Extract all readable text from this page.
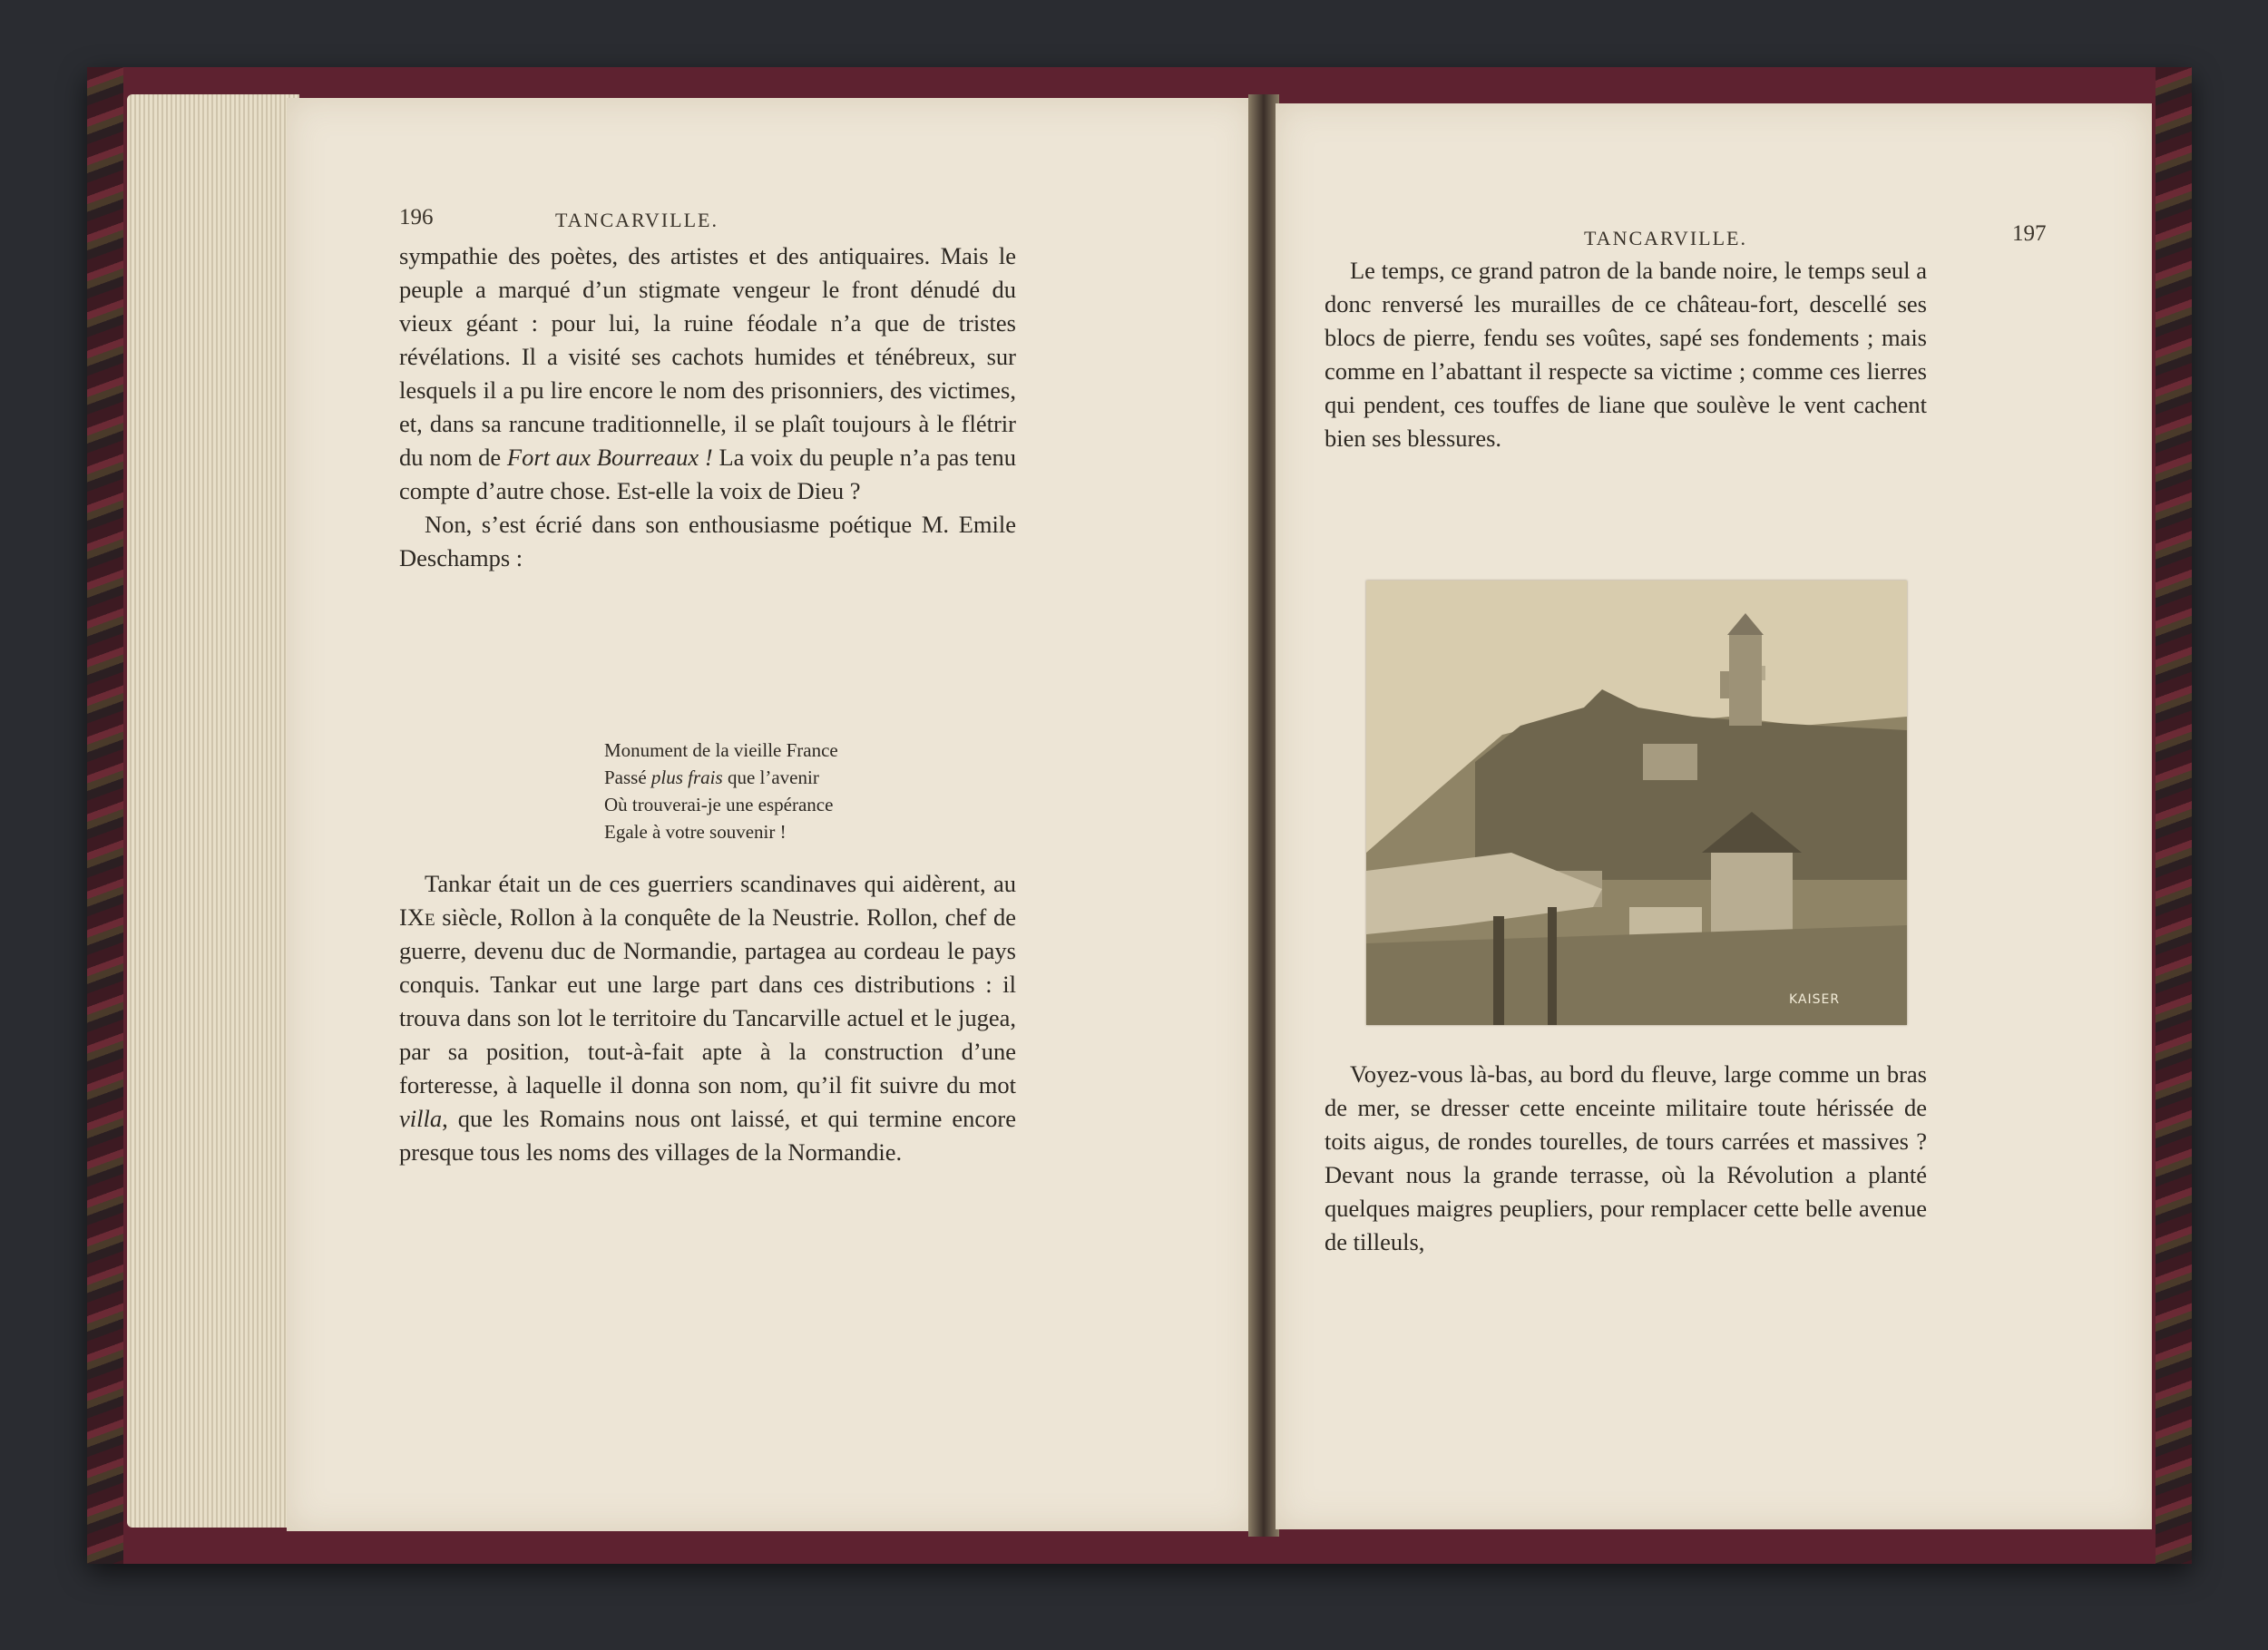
196	TANCARVILLE.

sympathie des poètes, des artistes et des antiquaires. Mais le peuple a marqué d’un stigmate vengeur le front dénudé du vieux géant : pour lui, la ruine féodale n’a que de tristes révélations. Il a visité ses cachots humides et ténébreux, sur lesquels il a pu lire encore le nom des prisonniers, des victimes, et, dans sa rancune traditionnelle, il se plaît toujours à le flétrir du nom de Fort aux Bourreaux ! La voix du peuple n’a pas tenu compte d’autre chose. Est-elle la voix de Dieu ?

Non, s’est écrié dans son enthousiasme poétique M. Emile Deschamps :

Monument de la vieille France
Passé plus frais que l’avenir
Où trouverai-je une espérance
Egale à votre souvenir !

Tankar était un de ces guerriers scandinaves qui aidèrent, au IXe siècle, Rollon à la conquête de la Neustrie. Rollon, chef de guerre, devenu duc de Normandie, partagea au cordeau le pays conquis. Tankar eut une large part dans ces distributions : il trouva dans son lot le territoire du Tancarville actuel et le jugea, par sa position, tout-à-fait apte à la construction d’une forteresse, à laquelle il donna son nom, qu’il fit suivre du mot villa, que les Romains nous ont laissé, et qui termine encore presque tous les noms des villages de la Normandie.

TANCARVILLE.	197

Le temps, ce grand patron de la bande noire, le temps seul a donc renversé les murailles de ce château-fort, descellé ses blocs de pierre, fendu ses voûtes, sapé ses fondements ; mais comme en l’abattant il respecte sa victime ; comme ces lierres qui pendent, ces touffes de liane que soulève le vent cachent bien ses blessures.

KAISER

Voyez-vous là-bas, au bord du fleuve, large comme un bras de mer, se dresser cette enceinte militaire toute hérissée de toits aigus, de rondes tourelles, de tours carrées et massives ? Devant nous la grande terrasse, où la Révolution a planté quelques maigres peupliers, pour remplacer cette belle avenue de tilleuls,
